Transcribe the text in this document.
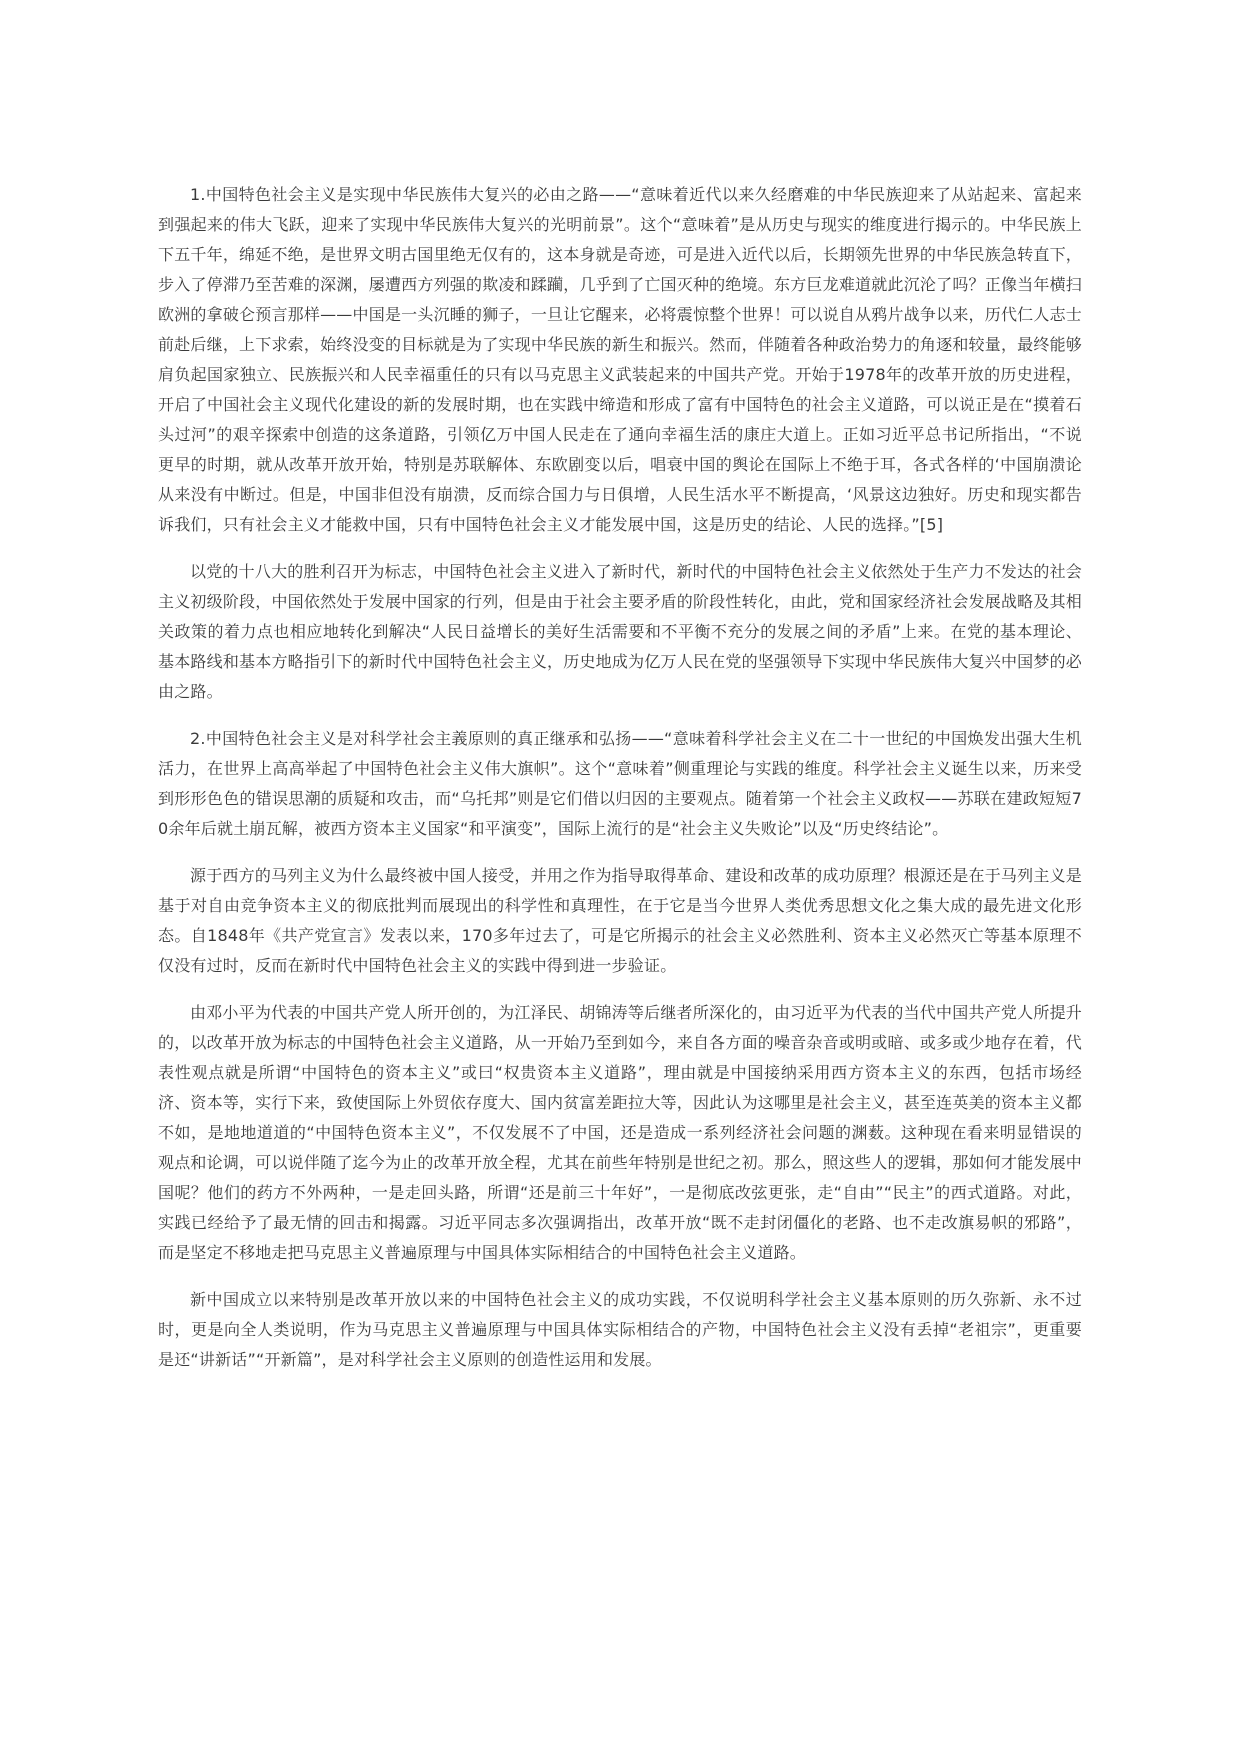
1.中国特色社会主义是实现中华民族伟大复兴的必由之路——“意味着近代以来久经磨难的中华民族迎来了从站起来、富起来到强起来的伟大飞跃，迎来了实现中华民族伟大复兴的光明前景”。这个“意味着”是从历史与现实的维度进行揭示的。中华民族上下五千年，绵延不绝，是世界文明古国里绝无仅有的，这本身就是奇迹，可是进入近代以后，长期领先世界的中华民族急转直下，步入了停滞乃至苦难的深渊，屡遭西方列强的欺凌和蹂躏，几乎到了亡国灭种的绝境。东方巨龙难道就此沉沦了吗？正像当年横扫欧洲的拿破仑预言那样——中国是一头沉睡的狮子，一旦让它醒来，必将震惊整个世界！可以说自从鸦片战争以来，历代仁人志士前赴后继，上下求索，始终没变的目标就是为了实现中华民族的新生和振兴。然而，伴随着各种政治势力的角逐和较量，最终能够肩负起国家独立、民族振兴和人民幸福重任的只有以马克思主义武装起来的中国共产党。开始于1978年的改革开放的历史进程，开启了中国社会主义现代化建设的新的发展时期，也在实践中缔造和形成了富有中国特色的社会主义道路，可以说正是在“摸着石头过河”的艰辛探索中创造的这条道路，引领亿万中国人民走在了通向幸福生活的康庄大道上。正如习近平总书记所指出，“不说更早的时期，就从改革开放开始，特别是苏联解体、东欧剧变以后，唱衰中国的舆论在国际上不绝于耳，各式各样的‘中国崩溃论从来没有中断过。但是，中国非但没有崩溃，反而综合国力与日俱增，人民生活水平不断提高，‘风景这边独好。历史和现实都告诉我们，只有社会主义才能救中国，只有中国特色社会主义才能发展中国，这是历史的结论、人民的选择。”[5]

以党的十八大的胜利召开为标志，中国特色社会主义进入了新时代，新时代的中国特色社会主义依然处于生产力不发达的社会主义初级阶段，中国依然处于发展中国家的行列，但是由于社会主要矛盾的阶段性转化，由此，党和国家经济社会发展战略及其相关政策的着力点也相应地转化到解决“人民日益增长的美好生活需要和不平衡不充分的发展之间的矛盾”上来。在党的基本理论、基本路线和基本方略指引下的新时代中国特色社会主义，历史地成为亿万人民在党的坚强领导下实现中华民族伟大复兴中国梦的必由之路。

2.中国特色社会主义是对科学社会主義原则的真正继承和弘扬——“意味着科学社会主义在二十一世纪的中国焕发出强大生机活力，在世界上高高举起了中国特色社会主义伟大旗帜”。这个“意味着”侧重理论与实践的维度。科学社会主义诞生以来，历来受到形形色色的错误思潮的质疑和攻击，而“乌托邦”则是它们借以归因的主要观点。随着第一个社会主义政权——苏联在建政短短70余年后就土崩瓦解，被西方资本主义国家“和平演变”，国际上流行的是“社会主义失败论”以及“历史终结论”。

源于西方的马列主义为什么最终被中国人接受，并用之作为指导取得革命、建设和改革的成功原理？根源还是在于马列主义是基于对自由竞争资本主义的彻底批判而展现出的科学性和真理性，在于它是当今世界人类优秀思想文化之集大成的最先进文化形态。自1848年《共产党宣言》发表以来，170多年过去了，可是它所揭示的社会主义必然胜利、资本主义必然灭亡等基本原理不仅没有过时，反而在新时代中国特色社会主义的实践中得到进一步验证。

由邓小平为代表的中国共产党人所开创的，为江泽民、胡锦涛等后继者所深化的，由习近平为代表的当代中国共产党人所提升的，以改革开放为标志的中国特色社会主义道路，从一开始乃至到如今，来自各方面的噪音杂音或明或暗、或多或少地存在着，代表性观点就是所谓“中国特色的资本主义”或曰“权贵资本主义道路”，理由就是中国接纳采用西方资本主义的东西，包括市场经济、资本等，实行下来，致使国际上外贸依存度大、国内贫富差距拉大等，因此认为这哪里是社会主义，甚至连英美的资本主义都不如，是地地道道的“中国特色资本主义”，不仅发展不了中国，还是造成一系列经济社会问题的渊薮。这种现在看来明显错误的观点和论调，可以说伴随了迄今为止的改革开放全程，尤其在前些年特别是世纪之初。那么，照这些人的逻辑，那如何才能发展中国呢？他们的药方不外两种，一是走回头路，所谓“还是前三十年好”，一是彻底改弦更张，走“自由”“民主”的西式道路。对此，实践已经给予了最无情的回击和揭露。习近平同志多次强调指出，改革开放“既不走封闭僵化的老路、也不走改旗易帜的邪路”，而是坚定不移地走把马克思主义普遍原理与中国具体实际相结合的中国特色社会主义道路。

新中国成立以来特别是改革开放以来的中国特色社会主义的成功实践，不仅说明科学社会主义基本原则的历久弥新、永不过时，更是向全人类说明，作为马克思主义普遍原理与中国具体实际相结合的产物，中国特色社会主义没有丢掉“老祖宗”，更重要是还“讲新话”“开新篇”，是对科学社会主义原则的创造性运用和发展。
